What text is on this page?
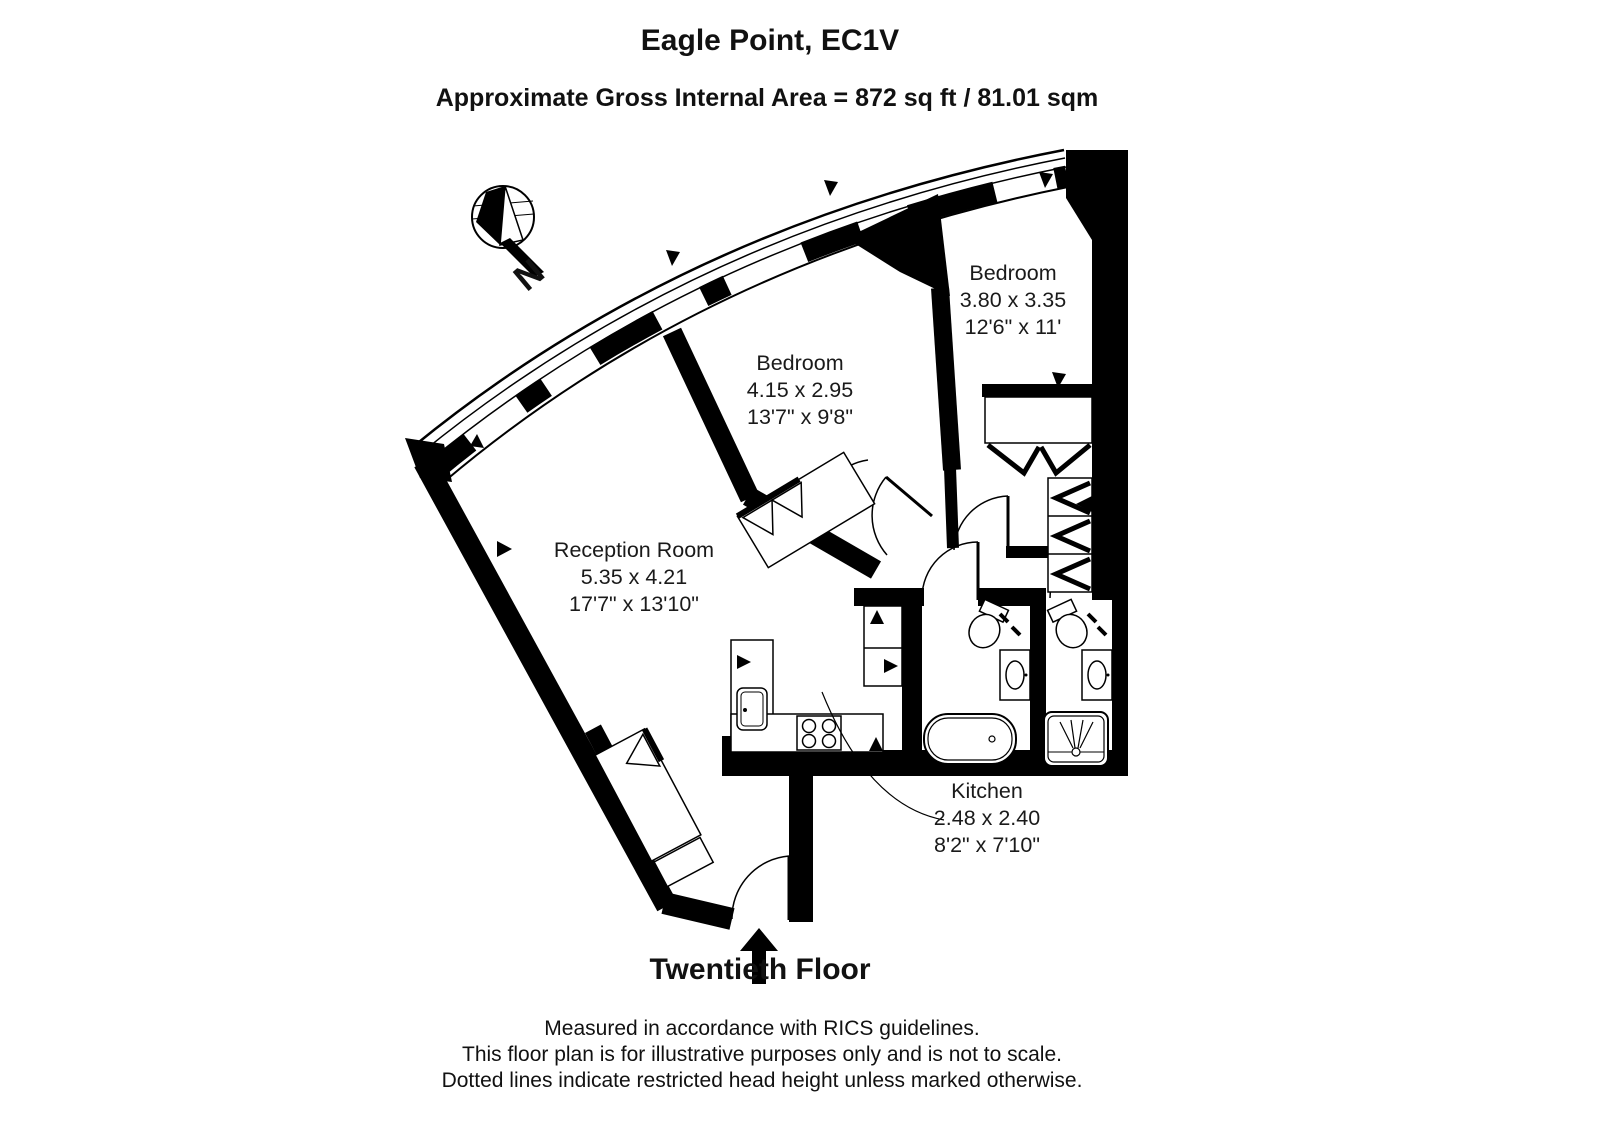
Eagle Point, EC1V
Approximate Gross Internal Area = 872 sq ft / 81.01 sqm
N	Bedroom
3.80 x 3.35
12'6" x 11'
Bedroom
4.15 x 2.95
13'7" x 9'8"
Reception Room
5.35 x 4.21
17'7" x 13'10"
Kitchen
2.48 x 2.40
8'2" x 7'10"
Twentieth Floor
Measured in accordance with RICS guidelines.
This floor plan is for illustrative purposes only and is not to scale.
Dotted lines indicate restricted head height unless marked otherwise.
